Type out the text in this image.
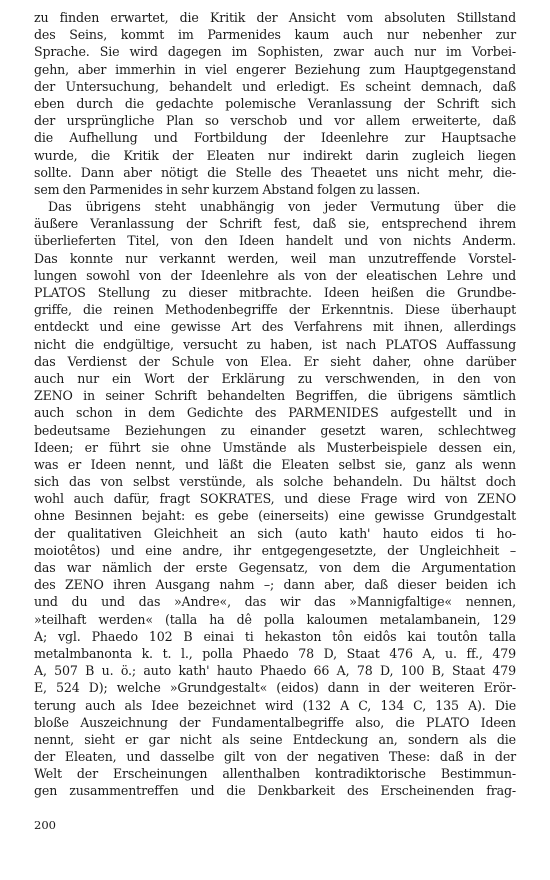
zu finden erwartet, die Kritik der Ansicht vom absoluten Stillstand
des Seins, kommt im Parmenides kaum auch nur nebenher zur
Sprache. Sie wird dagegen im Sophisten, zwar auch nur im Vorbei-
gehn, aber immerhin in viel engerer Beziehung zum Hauptgegenstand
der Untersuchung, behandelt und erledigt. Es scheint demnach, daß
eben durch die gedachte polemische Veranlassung der Schrift sich
der ursprüngliche Plan so verschob und vor allem erweiterte, daß
die Aufhellung und Fortbildung der Ideenlehre zur Hauptsache
wurde, die Kritik der Eleaten nur indirekt darin zugleich liegen
sollte. Dann aber nötigt die Stelle des Theaetet uns nicht mehr, die-
sem den Parmenides in sehr kurzem Abstand folgen zu lassen.
Das übrigens steht unabhängig von jeder Vermutung über die
äußere Veranlassung der Schrift fest, daß sie, entsprechend ihrem
überlieferten Titel, von den Ideen handelt und von nichts Anderm.
Das konnte nur verkannt werden, weil man unzutreffende Vorstel-
lungen sowohl von der Ideenlehre als von der eleatischen Lehre und
PLATOS Stellung zu dieser mitbrachte. Ideen heißen die Grundbe-
griffe, die reinen Methodenbegriffe der Erkenntnis. Diese überhaupt
entdeckt und eine gewisse Art des Verfahrens mit ihnen, allerdings
nicht die endgültige, versucht zu haben, ist nach PLATOS Auffassung
das Verdienst der Schule von Elea. Er sieht daher, ohne darüber
auch nur ein Wort der Erklärung zu verschwenden, in den von
ZENO in seiner Schrift behandelten Begriffen, die übrigens sämtlich
auch schon in dem Gedichte des PARMENIDES aufgestellt und in
bedeutsame Beziehungen zu einander gesetzt waren, schlechtweg
Ideen; er führt sie ohne Umstände als Musterbeispiele dessen ein,
was er Ideen nennt, und läßt die Eleaten selbst sie, ganz als wenn
sich das von selbst verstünde, als solche behandeln. Du hältst doch
wohl auch dafür, fragt SOKRATES, und diese Frage wird von ZENO
ohne Besinnen bejaht: es gebe (einerseits) eine gewisse Grundgestalt
der qualitativen Gleichheit an sich (auto kath' hauto eidos ti ho-
moiotêtos) und eine andre, ihr entgegengesetzte, der Ungleichheit –
das war nämlich der erste Gegensatz, von dem die Argumentation
des ZENO ihren Ausgang nahm –; dann aber, daß dieser beiden ich
und du und das »Andre«, das wir das »Mannigfaltige« nennen,
»teilhaft werden« (talla ha dê polla kaloumen metalambanein, 129
A; vgl. Phaedo 102 B einai ti hekaston tôn eidôs kai toutôn talla
metalmbanonta k. t. l., polla Phaedo 78 D, Staat 476 A, u. ff., 479
A, 507 B u. ö.; auto kath' hauto Phaedo 66 A, 78 D, 100 B, Staat 479
E, 524 D); welche »Grundgestalt« (eidos) dann in der weiteren Erör-
terung auch als Idee bezeichnet wird (132 A C, 134 C, 135 A). Die
bloße Auszeichnung der Fundamentalbegriffe also, die PLATO Ideen
nennt, sieht er gar nicht als seine Entdeckung an, sondern als die
der Eleaten, und dasselbe gilt von der negativen These: daß in der
Welt der Erscheinungen allenthalben kontradiktorische Bestimmun-
gen zusammentreffen und die Denkbarkeit des Erscheinenden frag-
200
